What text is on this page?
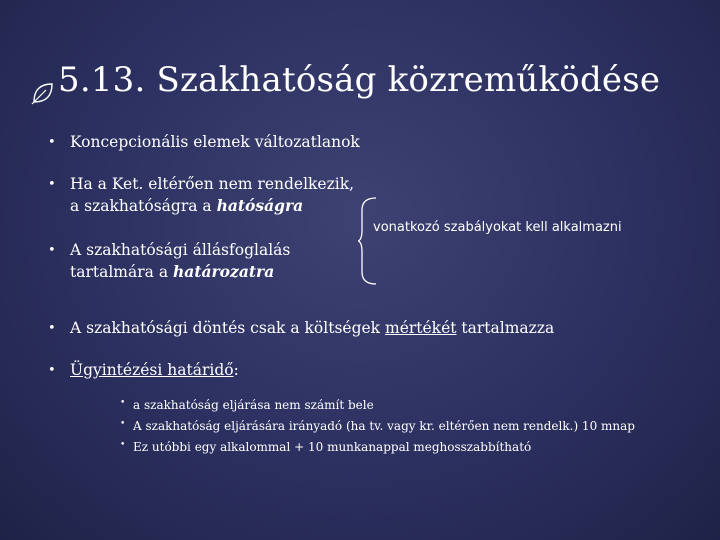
5.13. Szakhatóság közreműködése
• Koncepcionális elemek változatlanok
• Ha a Ket. eltérően nem rendelkezik,
a szakhatóságra a hatóságra
vonatkozó szabályokat kell alkalmazni
• A szakhatósági állásfoglalás
tartalmára a határozatra
• A szakhatósági döntés csak a költségek mértékét tartalmazza
• Ügyintézési határidő:
• a szakhatóság eljárása nem számít bele
• A szakhatóság eljárására irányadó (ha tv. vagy kr. eltérően nem rendelk.) 10 mnap
• Ez utóbbi egy alkalommal + 10 munkanappal meghosszabbítható
